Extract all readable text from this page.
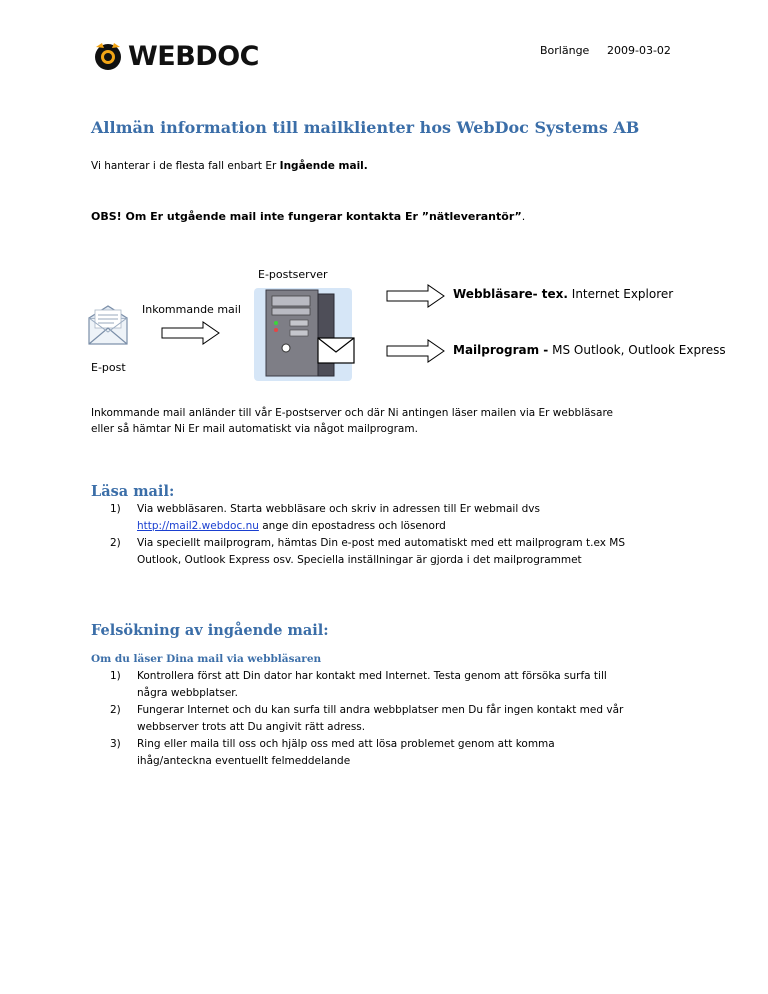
WEBDOC	Borlänge 2009-03-02
Allmän information till mailklienter hos WebDoc Systems AB
Vi hanterar i de flesta fall enbart Er Ingående mail.
OBS! Om Er utgående mail inte fungerar kontakta Er ”nätleverantör”.
E-postserver
Inkommande mail
E-post
Webbläsare- tex. Internet Explorer
Mailprogram - MS Outlook, Outlook Express
Inkommande mail anländer till vår E-postserver och där Ni antingen läser mailen via Er webbläsare
eller så hämtar Ni Er mail automatiskt via något mailprogram.
Läsa mail:
1) Via webbläsaren. Starta webbläsare och skriv in adressen till Er webmail dvs
http://mail2.webdoc.nu ange din epostadress och lösenord
2) Via speciellt mailprogram, hämtas Din e-post med automatiskt med ett mailprogram t.ex MS
Outlook, Outlook Express osv. Speciella inställningar är gjorda i det mailprogrammet
Felsökning av ingående mail:
Om du läser Dina mail via webbläsaren
1) Kontrollera först att Din dator har kontakt med Internet. Testa genom att försöka surfa till
några webbplatser.
2) Fungerar Internet och du kan surfa till andra webbplatser men Du får ingen kontakt med vår
webbserver trots att Du angivit rätt adress.
3) Ring eller maila till oss och hjälp oss med att lösa problemet genom att komma
ihåg/anteckna eventuellt felmeddelande
